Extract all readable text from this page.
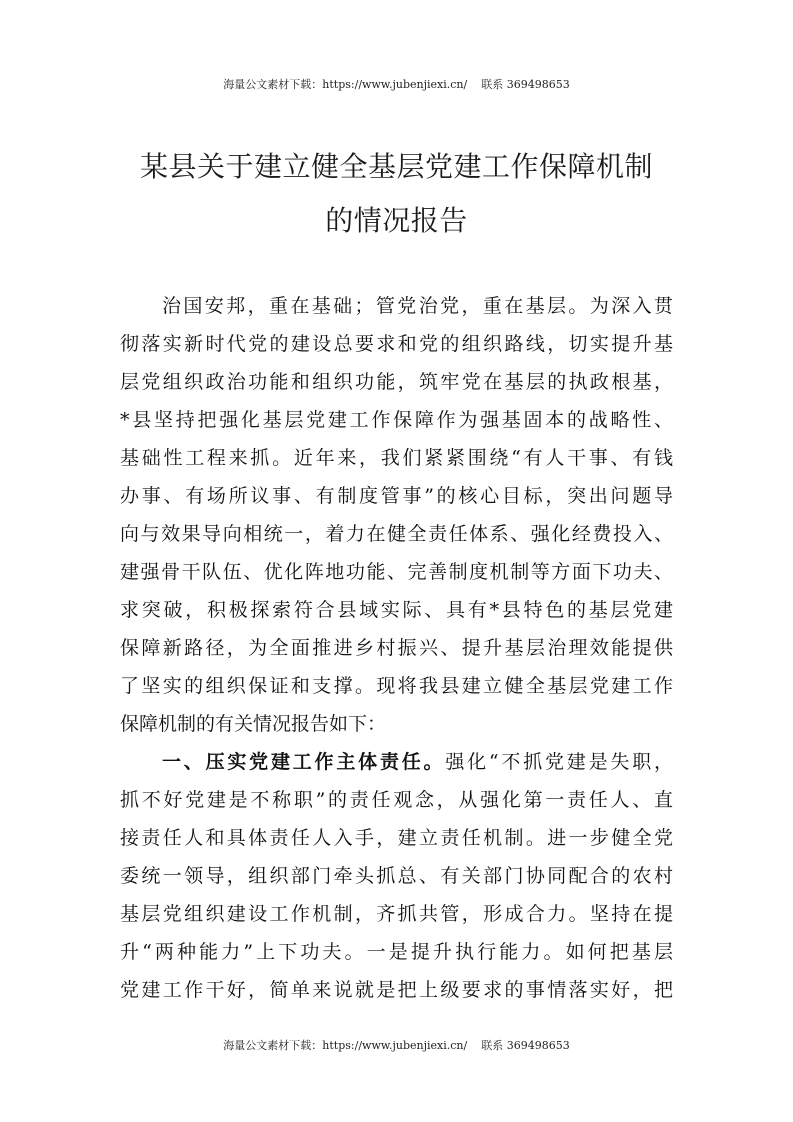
海量公文素材下载：https://www.jubenjiexi.cn/ 联系 369498653
某县关于建立健全基层党建工作保障机制
的情况报告
治国安邦，重在基础；管党治党，重在基层。为深入贯
彻落实新时代党的建设总要求和党的组织路线，切实提升基
层党组织政治功能和组织功能，筑牢党在基层的执政根基，
*县坚持把强化基层党建工作保障作为强基固本的战略性、
基础性工程来抓。近年来，我们紧紧围绕“有人干事、有钱
办事、有场所议事、有制度管事”的核心目标，突出问题导
向与效果导向相统一，着力在健全责任体系、强化经费投入、
建强骨干队伍、优化阵地功能、完善制度机制等方面下功夫、
求突破，积极探索符合县域实际、具有*县特色的基层党建
保障新路径，为全面推进乡村振兴、提升基层治理效能提供
了坚实的组织保证和支撑。现将我县建立健全基层党建工作
保障机制的有关情况报告如下：
一、压实党建工作主体责任。强化“不抓党建是失职，
抓不好党建是不称职”的责任观念，从强化第一责任人、直
接责任人和具体责任人入手，建立责任机制。进一步健全党
委统一领导，组织部门牵头抓总、有关部门协同配合的农村
基层党组织建设工作机制，齐抓共管，形成合力。坚持在提
升“两种能力”上下功夫。一是提升执行能力。如何把基层
党建工作干好，简单来说就是把上级要求的事情落实好，把
海量公文素材下载：https://www.jubenjiexi.cn/ 联系 369498653
